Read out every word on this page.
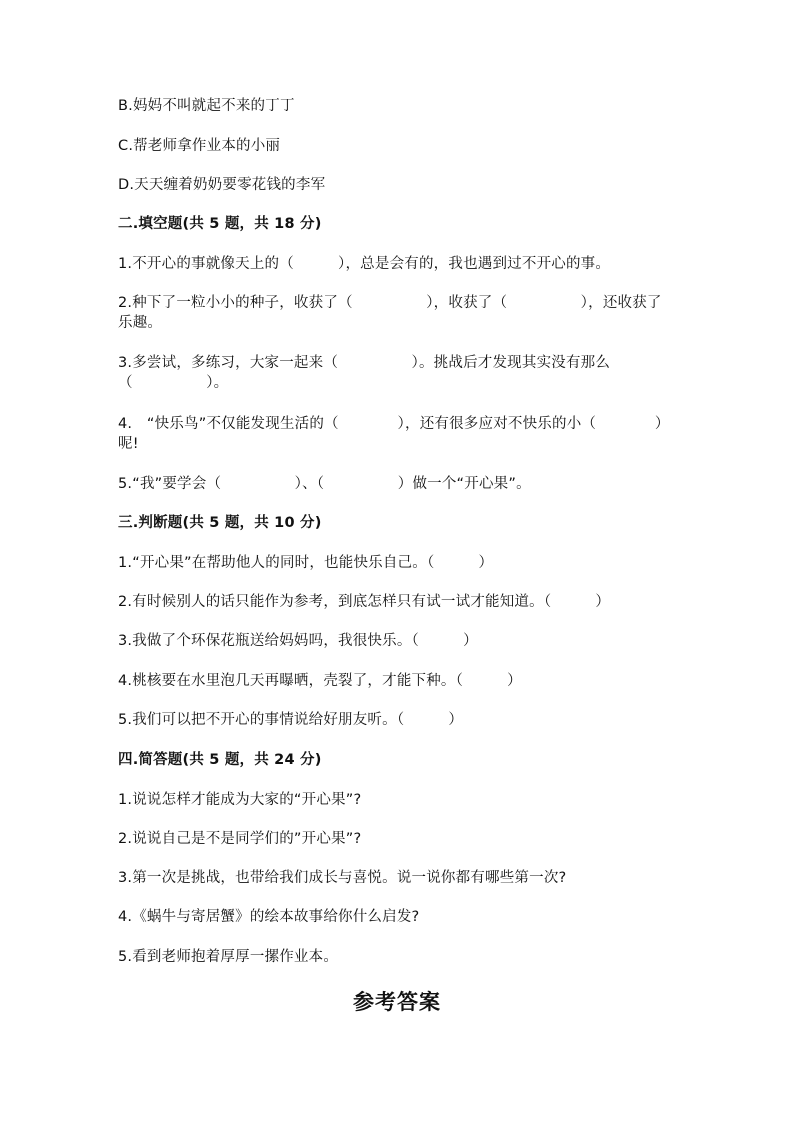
B.妈妈不叫就起不来的丁丁
C.帮老师拿作业本的小丽
D.天天缠着奶奶要零花钱的李军
二.填空题(共 5 题，共 18 分)
1.不开心的事就像天上的（　　　），总是会有的，我也遇到过不开心的事。
2.种下了一粒小小的种子，收获了（　　　　　），收获了（　　　　　），还收获了乐趣。
3.多尝试，多练习，大家一起来（　　　　　）。挑战后才发现其实没有那么（　　　　　）。
4.　“快乐鸟”不仅能发现生活的（　　　　），还有很多应对不快乐的小（　　　　）呢!
5.“我”要学会（　　　　　）、（　　　　　）做一个“开心果”。
三.判断题(共 5 题，共 10 分)
1.“开心果”在帮助他人的同时，也能快乐自己。（　　　）
2.有时候别人的话只能作为参考，到底怎样只有试一试才能知道。（　　　）
3.我做了个环保花瓶送给妈妈吗，我很快乐。（　　　）
4.桃核要在水里泡几天再曝晒，壳裂了，才能下种。（　　　）
5.我们可以把不开心的事情说给好朋友听。（　　　）
四.简答题(共 5 题，共 24 分)
1.说说怎样才能成为大家的“开心果”?
2.说说自己是不是同学们的”开心果”?
3.第一次是挑战，也带给我们成长与喜悦。说一说你都有哪些第一次?
4.《蜗牛与寄居蟹》的绘本故事给你什么启发?
5.看到老师抱着厚厚一摞作业本。
参考答案
